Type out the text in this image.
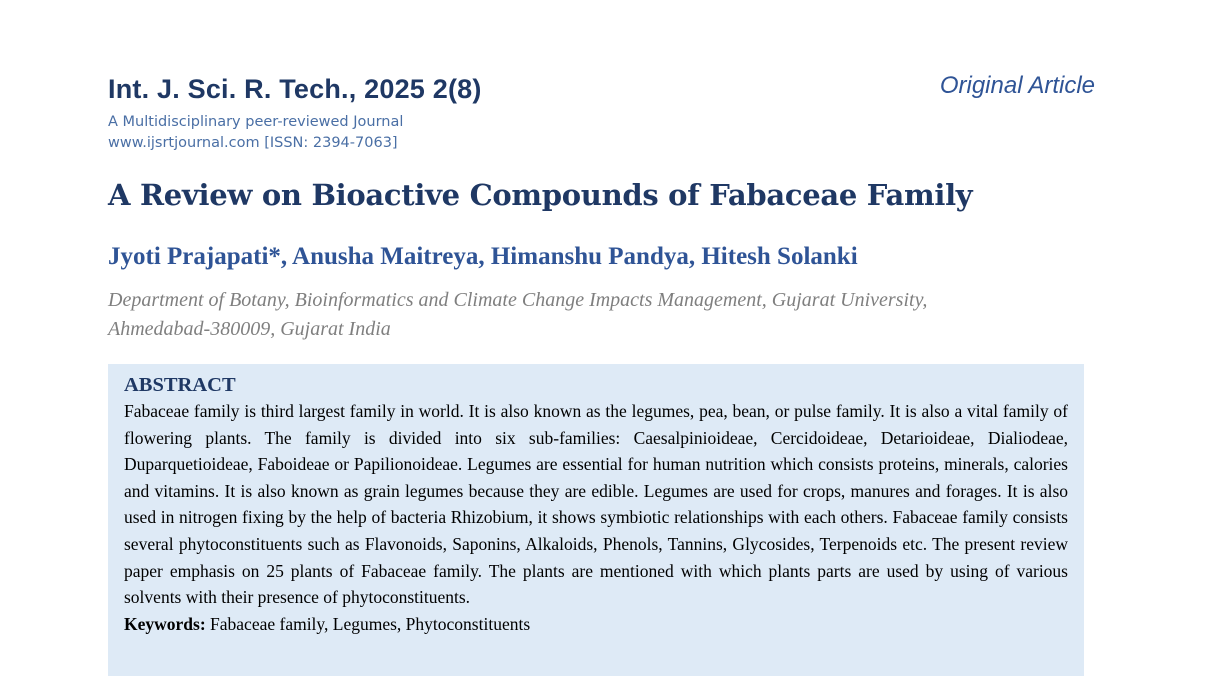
Int. J. Sci. R. Tech., 2025 2(8)	Original Article
A Multidisciplinary peer-reviewed Journal
www.ijsrtjournal.com [ISSN: 2394-7063]
A Review on Bioactive Compounds of Fabaceae Family
Jyoti Prajapati*, Anusha Maitreya, Himanshu Pandya, Hitesh Solanki
Department of Botany, Bioinformatics and Climate Change Impacts Management, Gujarat University,
Ahmedabad-380009, Gujarat India

ABSTRACT

Fabaceae family is third largest family in world. It is also known as the legumes, pea, bean, or pulse family. It is also a vital family of flowering plants. The family is divided into six sub-families: Caesalpinioideae, Cercidoideae, Detarioideae, Dialiodeae, Duparquetioideae, Faboideae or Papilionoideae. Legumes are essential for human nutrition which consists proteins, minerals, calories and vitamins. It is also known as grain legumes because they are edible. Legumes are used for crops, manures and forages. It is also used in nitrogen fixing by the help of bacteria Rhizobium, it shows symbiotic relationships with each others. Fabaceae family consists several phytoconstituents such as Flavonoids, Saponins, Alkaloids, Phenols, Tannins, Glycosides, Terpenoids etc. The present review paper emphasis on 25 plants of Fabaceae family. The plants are mentioned with which plants parts are used by using of various solvents with their presence of phytoconstituents.

Keywords: Fabaceae family, Legumes, Phytoconstituents
